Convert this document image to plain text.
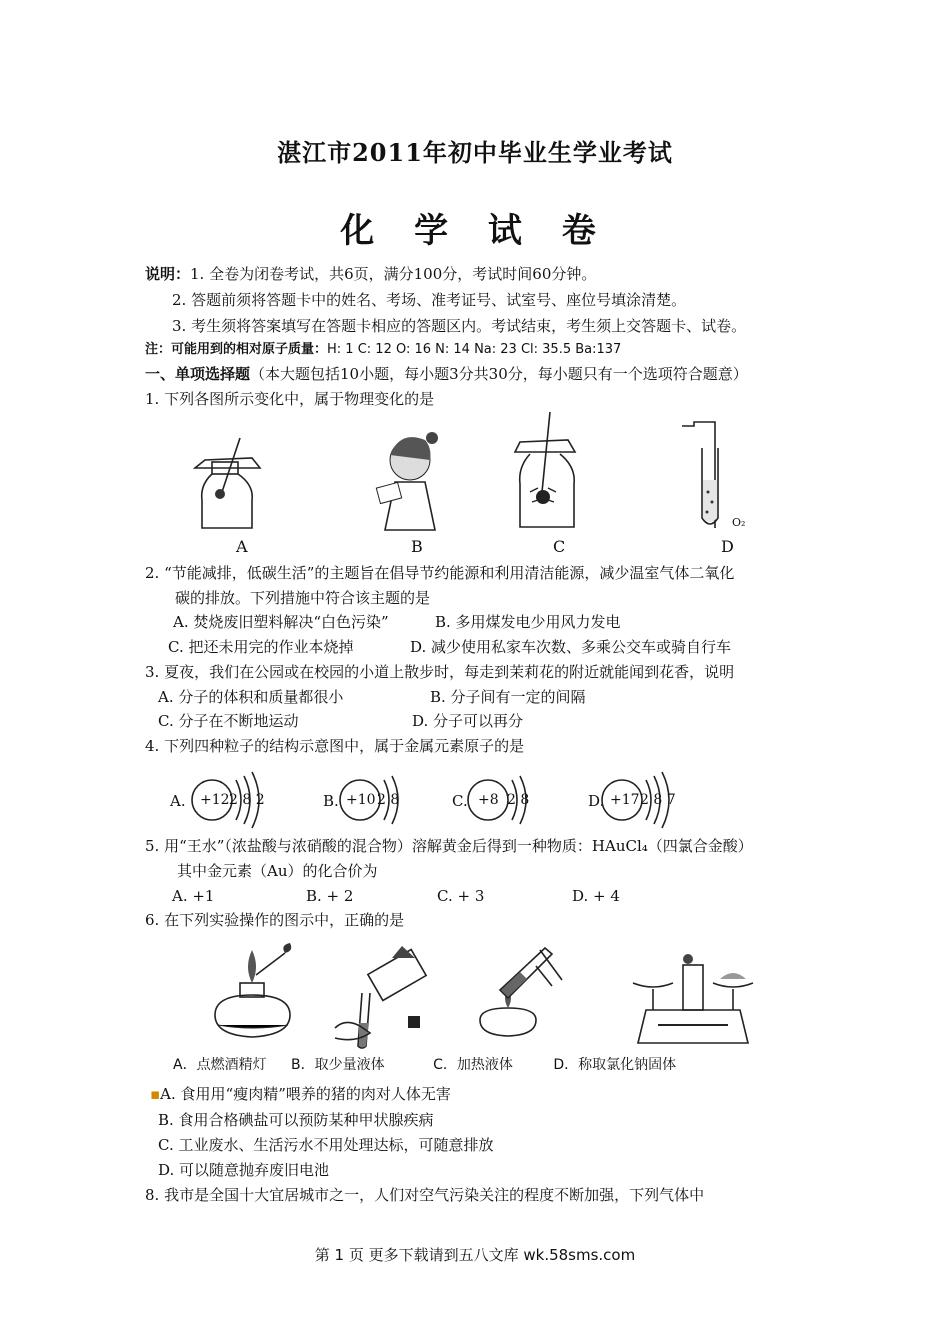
湛江市2011年初中毕业生学业考试
化 学 试 卷
说明：1. 全卷为闭卷考试，共6页，满分100分，考试时间60分钟。
2. 答题前须将答题卡中的姓名、考场、准考证号、试室号、座位号填涂清楚。
3. 考生须将答案填写在答题卡相应的答题区内。考试结束，考生须上交答题卡、试卷。
注：可能用到的相对原子质量：H: 1 C: 12 O: 16 N: 14 Na: 23 Cl: 35.5 Ba:137
一、单项选择题（本大题包括10小题，每小题3分共30分，每小题只有一个选项符合题意）
1. 下列各图所示变化中，属于物理变化的是
A	B	C
O₂
D
2. “节能减排，低碳生活”的主题旨在倡导节约能源和利用清洁能源，减少温室气体二氧化
碳的排放。下列措施中符合该主题的是
A. 焚烧废旧塑料解决“白色污染”	B. 多用煤发电少用风力发电
C. 把还未用完的作业本烧掉	D. 减少使用私家车次数、多乘公交车或骑自行车
3. 夏夜，我们在公园或在校园的小道上散步时，每走到茉莉花的附近就能闻到花香，说明
A. 分子的体积和质量都很小	B. 分子间有一定的间隔
C. 分子在不断地运动	D. 分子可以再分
4. 下列四种粒子的结构示意图中，属于金属元素原子的是
A. +12 2 8 2	B. +10 2 8	C. +8 2 8	D. +17 2 8 7
5. 用“王水”（浓盐酸与浓硝酸的混合物）溶解黄金后得到一种物质：HAuCl₄（四氯合金酸）
其中金元素（Au）的化合价为
A. +1	B. + 2	C. + 3	D. + 4
6. 在下列实验操作的图示中，正确的是
A．点燃酒精灯 B．取少量液体	C．加热液体	D．称取氯化钠固体
▪A. 食用用“瘦肉精”喂养的猪的肉对人体无害
B. 食用合格碘盐可以预防某种甲状腺疾病
C. 工业废水、生活污水不用处理达标，可随意排放
D. 可以随意抛弃废旧电池
8. 我市是全国十大宜居城市之一，人们对空气污染关注的程度不断加强，下列气体中
第 1 页 更多下载请到五八文库 wk.58sms.com
